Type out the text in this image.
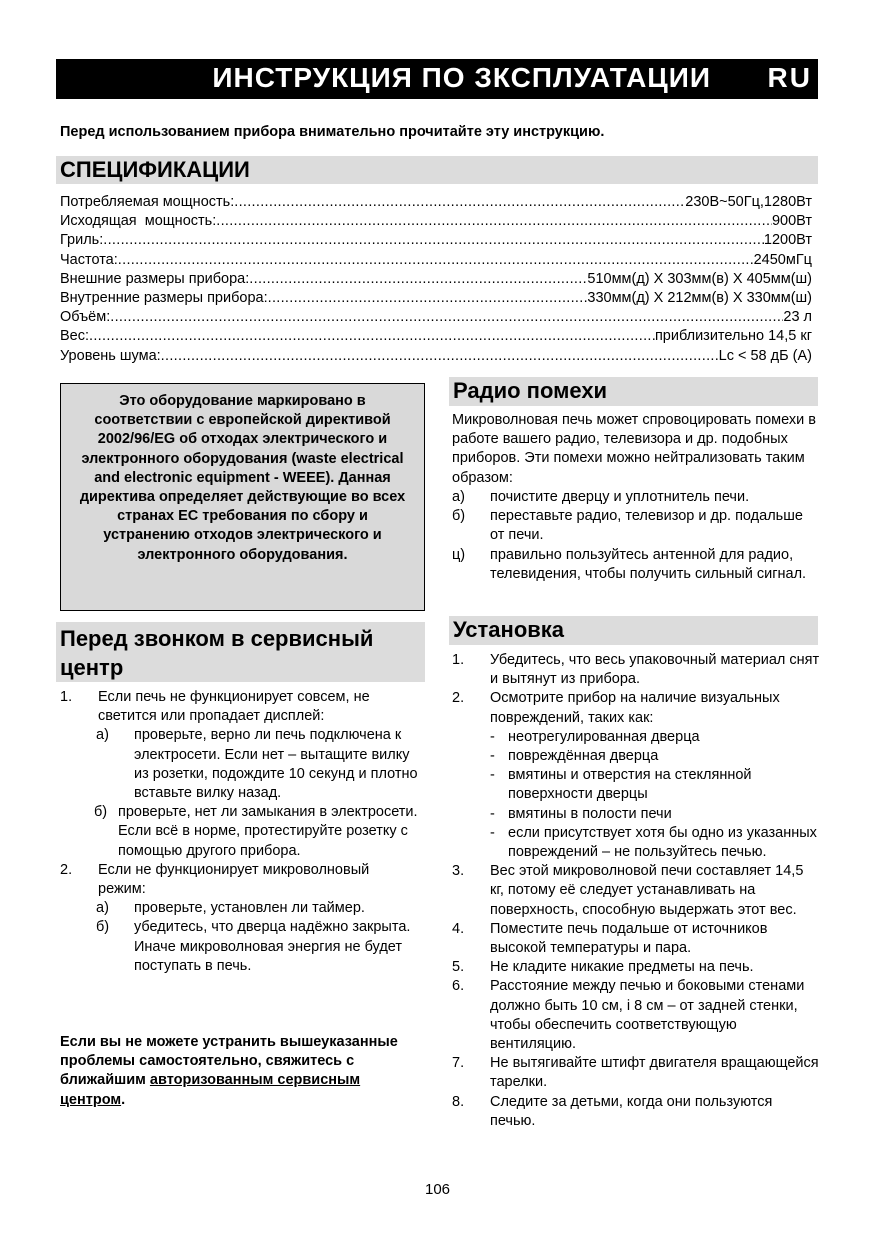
ИНСТРУКЦИЯ ПО ЗКСПЛУАТАЦИИ RU
Перед использованием прибора внимательно прочитайте эту инструкцию.
СПЕЦИФИКАЦИИ
Потребляемая мощность: .....	230В~50Гц,1280Вт
Исходящая  мощность: .....	900Вт
Гриль: .....	1200Вт
Частота: .....	2450мГц
Внешние размеры прибора: .....	510мм(д) X 303мм(в) X 405мм(ш)
Внутренние размеры прибора: .....	330мм(д) X 212мм(в) X 330мм(ш)
Объём: .....	23 л
Вес: .....	приблизительно 14,5 кг
Уровень шума: .....	Lc < 58 дБ (A)
Это оборудование маркировано в соответствии с европейской директивой 2002/96/EG об отходах электрического и электронного оборудования (waste electrical and electronic equipment - WEEE). Данная директива определяет действующие во всех странах ЕС требования по сбору и устранению отходов электрического и электронного оборудования.
Перед звонком в сервисный центр
1. Если печь не функционирует совсем, не светится или пропадает дисплей:
a) проверьте, верно ли печь подключена к электросети. Если нет – вытащите вилку из розетки, подождите 10 секунд и плотно вставьте вилку назад.
б) проверьте, нет ли замыкания в электросети. Если всё в норме, протестируйте розетку с помощью другого прибора.
2. Если не функционирует микроволновый режим:
a) проверьте, установлен ли таймер.
б) убедитесь, что дверца надёжно закрыта. Иначе микроволновая энергия не будет поступать в печь.
Если вы не можете устранить вышеуказанные проблемы самостоятельно, свяжитесь с ближайшим авторизованным сервисным центром.
Радио помехи
Микроволновая печь может спровоцировать помехи в работе вашего радио, телевизора и др. подобных приборов. Эти помехи можно нейтрализовать таким образом:
a) почистите дверцу и уплотнитель печи.
б) переставьте радио, телевизор и др. подальше от печи.
ц) правильно пользуйтесь антенной для радио, телевидения, чтобы получить сильный сигнал.
Установка
1. Убедитесь, что весь упаковочный материал снят и вытянут из прибора.
2. Осмотрите прибор на наличие визуальных повреждений, таких как:
- неотрегулированная дверца
- повреждённая дверца
- вмятины и отверстия на стеклянной поверхности дверцы
- вмятины в полости печи
- если присутствует хотя бы одно из указанных повреждений – не пользуйтесь печью.
3. Вес этой микроволновой печи составляет 14,5 кг, потому её следует устанавливать на поверхность, способную выдержать этот вес.
4. Поместите печь подальше от источников высокой температуры и пара.
5. Не кладите никакие предметы на печь.
6. Расстояние между печью и боковыми стенами должно быть 10 см, і 8 см – от задней стенки, чтобы обеспечить соответствующую вентиляцию.
7. Не вытягивайте штифт двигателя вращающейся тарелки.
8. Следите за детьми, когда они пользуются печью.
106
